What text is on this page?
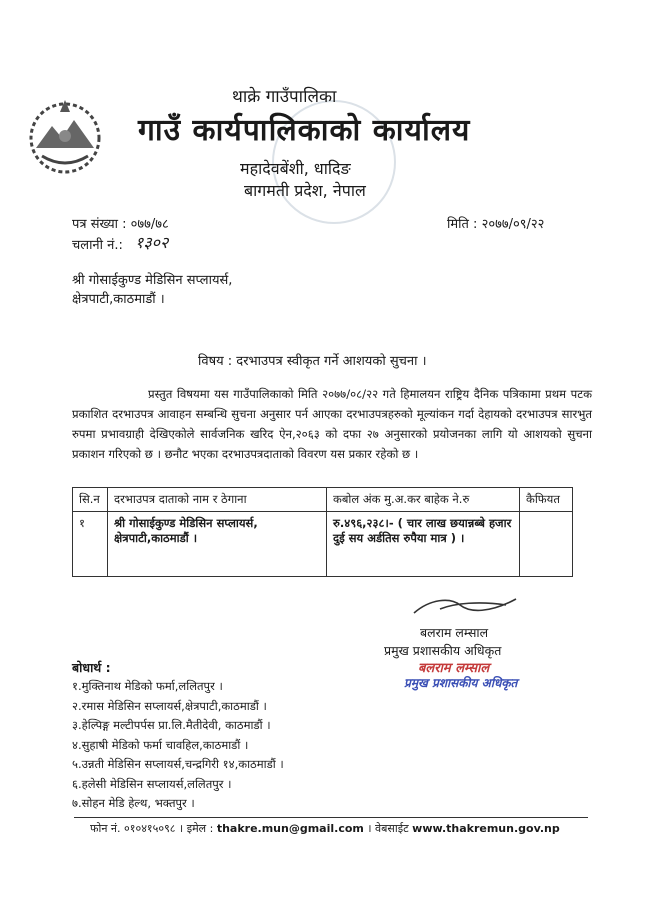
थाक्रे गाउँपालिका
गाउँ कार्यपालिकाको कार्यालय
महादेवबेंशी, धादिङ
बागमती प्रदेश, नेपाल
पत्र संख्या : ०७७/७८
चलानी नं.: १३०२
मिति : २०७७/०९/२२
श्री गोसाईकुण्ड मेडिसिन सप्लायर्स,
क्षेत्रपाटी,काठमाडौं ।
विषय : दरभाउपत्र स्वीकृत गर्ने आशयको सुचना ।
प्रस्तुत विषयमा यस गाउँपालिकाको मिति २०७७/०८/२२ गते हिमालयन राष्ट्रिय दैनिक पत्रिकामा प्रथम पटक प्रकाशित दरभाउपत्र आवाहन सम्बन्धि सुचना अनुसार पर्न आएका दरभाउपत्रहरुको मूल्यांकन गर्दा देहायको दरभाउपत्र सारभुत रुपमा प्रभावग्राही देखिएकोले सार्वजनिक खरिद ऐन,२०६३ को दफा २७ अनुसारको प्रयोजनका लागि यो आशयको सुचना प्रकाशन गरिएको छ । छनौट भएका दरभाउपत्रदाताको विवरण यस प्रकार रहेको छ ।
सि.न	दरभाउपत्र दाताको नाम र ठेगाना	कबोल अंक मु.अ.कर बाहेक ने.रु	कैफियत
१	श्री गोसाईकुण्ड मेडिसिन सप्लायर्स, क्षेत्रपाटी,काठमाडौं ।	रु.४९६,२३८।- ( चार लाख छयान्नब्बे हजार दुई सय अर्डतिस रुपैया मात्र ) ।	
बलराम लम्साल
प्रमुख प्रशासकीय अधिकृत
बलराम लम्साल
प्रमुख प्रशासकीय अधिकृत
बोधार्थ :
१.मुक्तिनाथ मेडिको फर्मा,ललितपुर ।
२.रमास मेडिसिन सप्लायर्स,क्षेत्रपाटी,काठमाडौं ।
३.हेल्पिङ्ग मल्टीपर्पस प्रा.लि.मैतीदेवी, काठमाडौं ।
४.सुहाषी मेडिको फर्मा चावहिल,काठमाडौं ।
५.उन्नती मेडिसिन सप्लायर्स,चन्द्रगिरी १४,काठमाडौं ।
६.हलेसी मेडिसिन सप्लायर्स,ललितपुर ।
७.सोहन मेडि हेल्थ, भक्तपुर ।
फोन नं. ०१०४१५०९८ । इमेल : thakre.mun@gmail.com । वेबसाईट www.thakremun.gov.np
